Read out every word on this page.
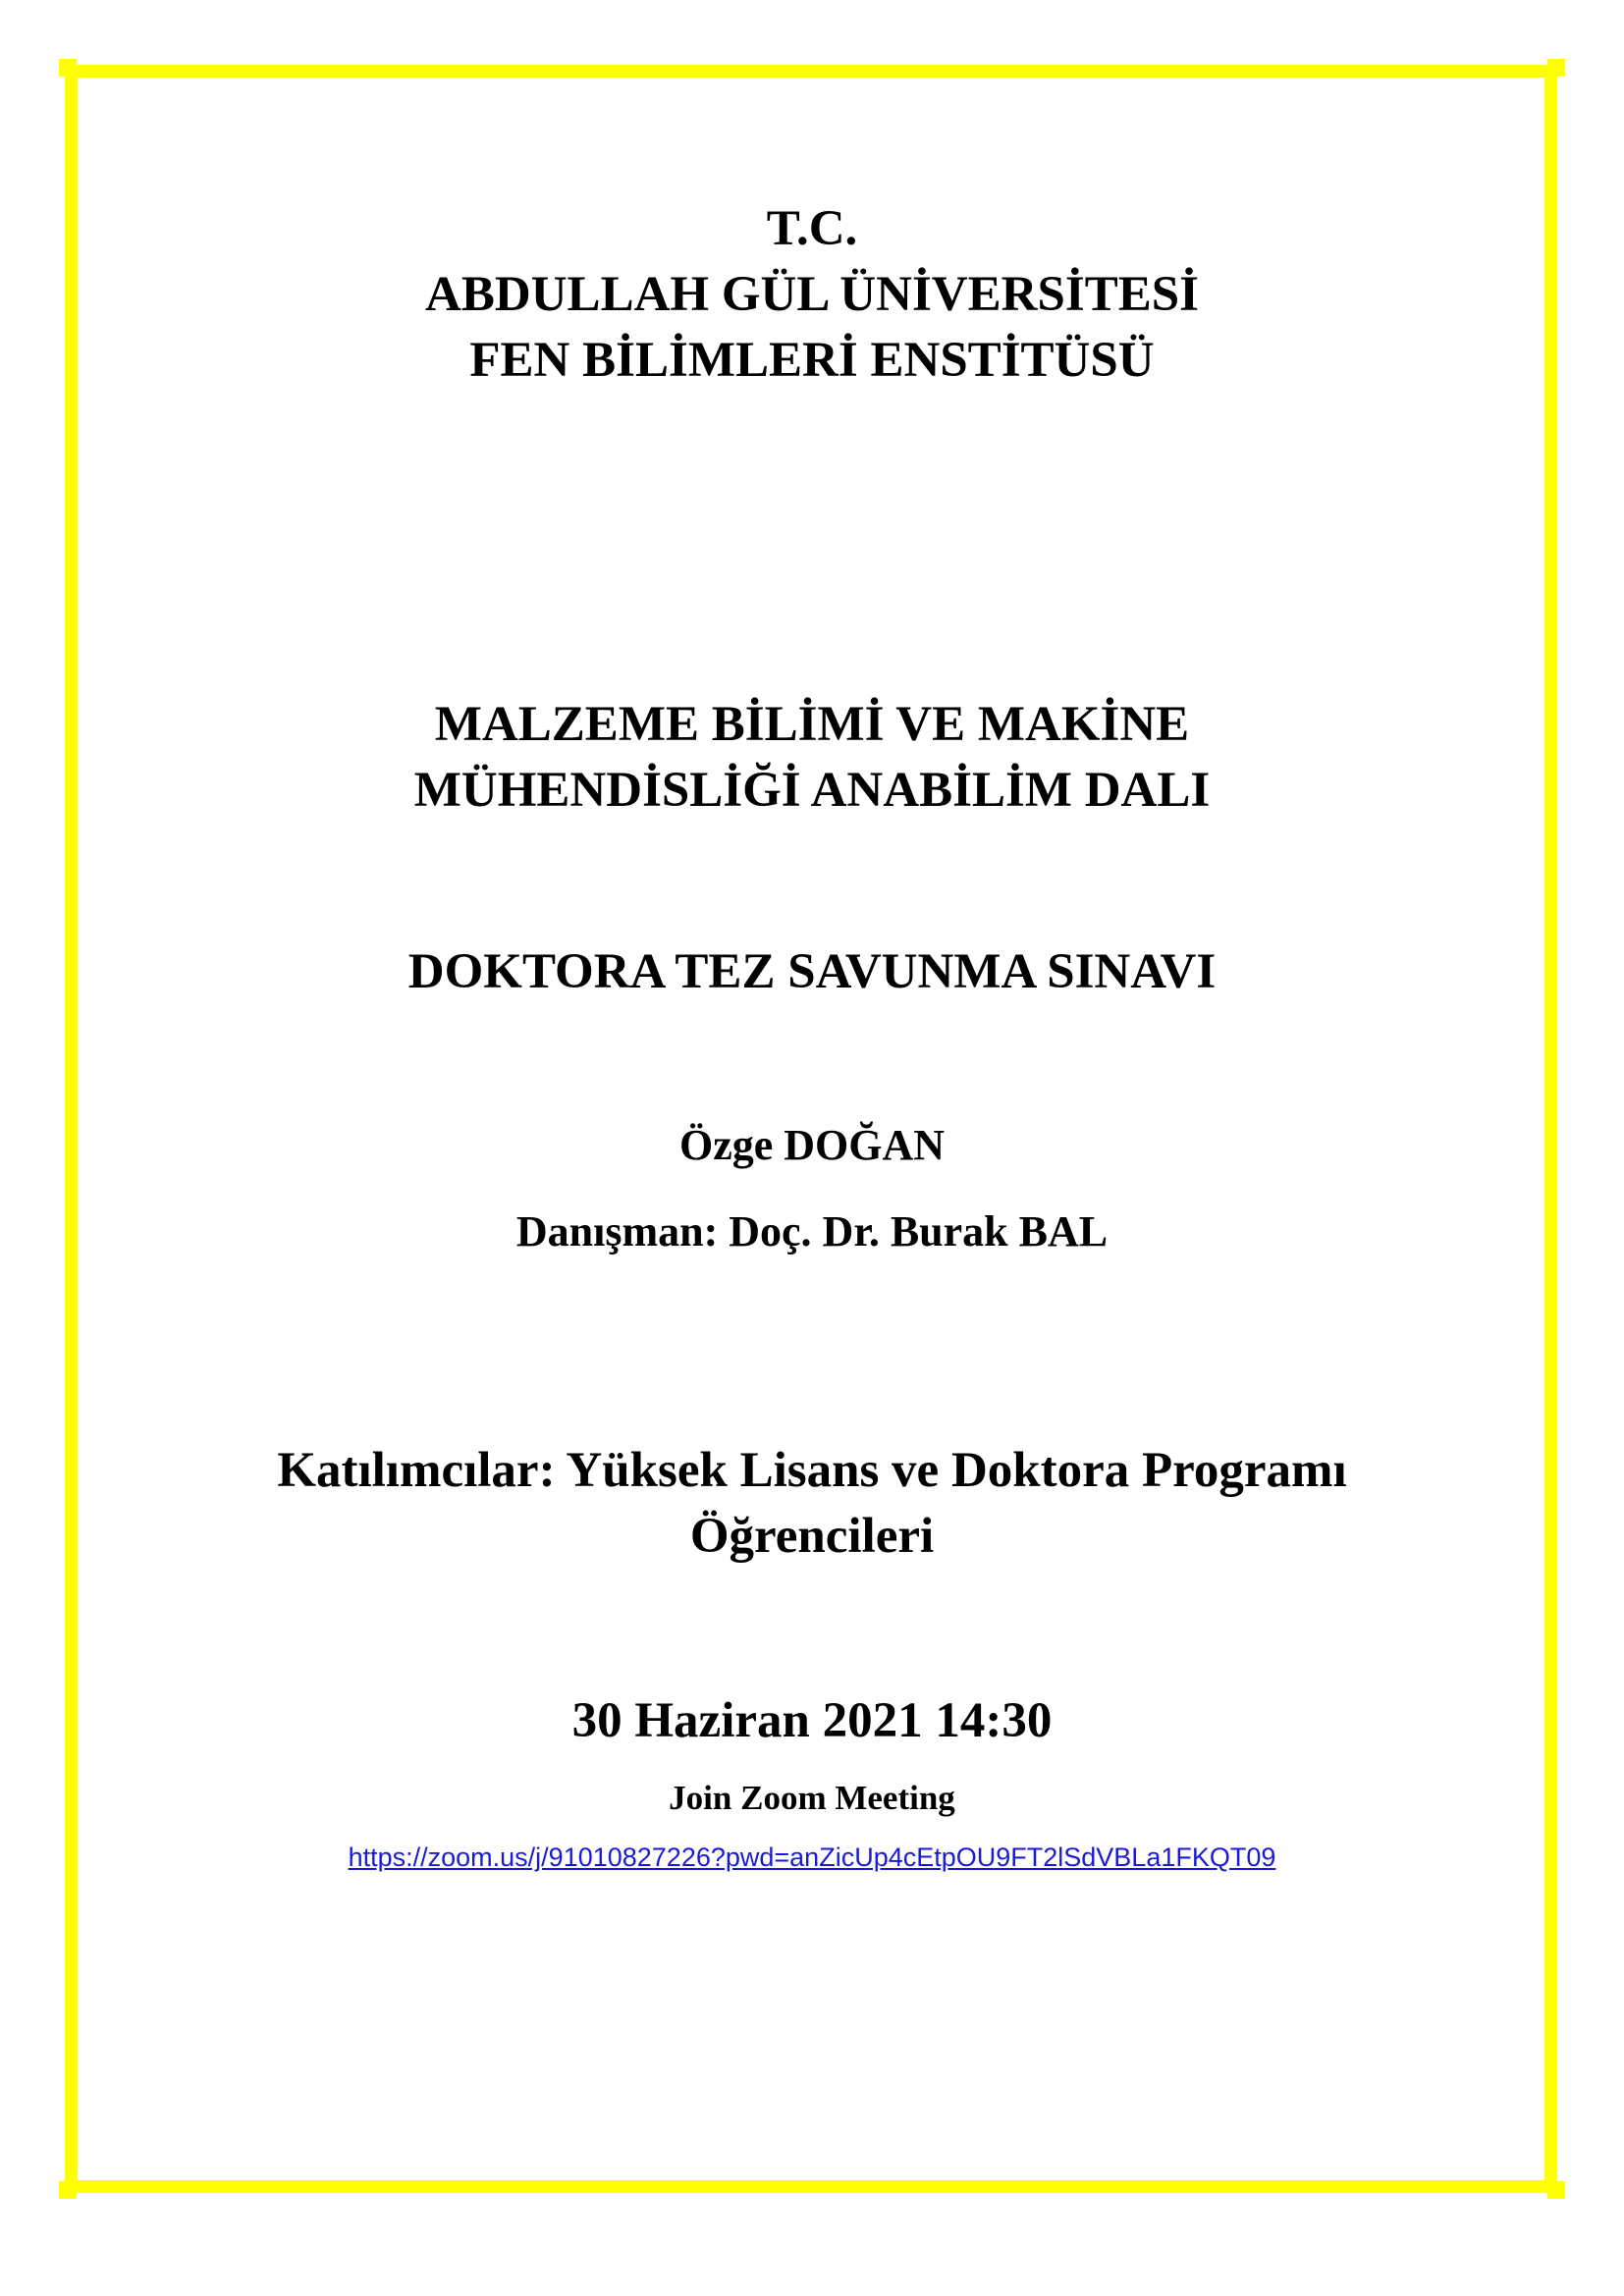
T.C.
ABDULLAH GÜL ÜNİVERSİTESİ
FEN BİLİMLERİ ENSTİTÜSÜ
MALZEME BİLİMİ VE MAKİNE
MÜHENDİSLİĞİ ANABİLİM DALI
DOKTORA TEZ SAVUNMA SINAVI
Özge DOĞAN
Danışman: Doç. Dr. Burak BAL
Katılımcılar: Yüksek Lisans ve Doktora Programı
Öğrencileri
30 Haziran 2021 14:30
Join Zoom Meeting
https://zoom.us/j/91010827226?pwd=anZicUp4cEtpOU9FT2lSdVBLa1FKQT09
